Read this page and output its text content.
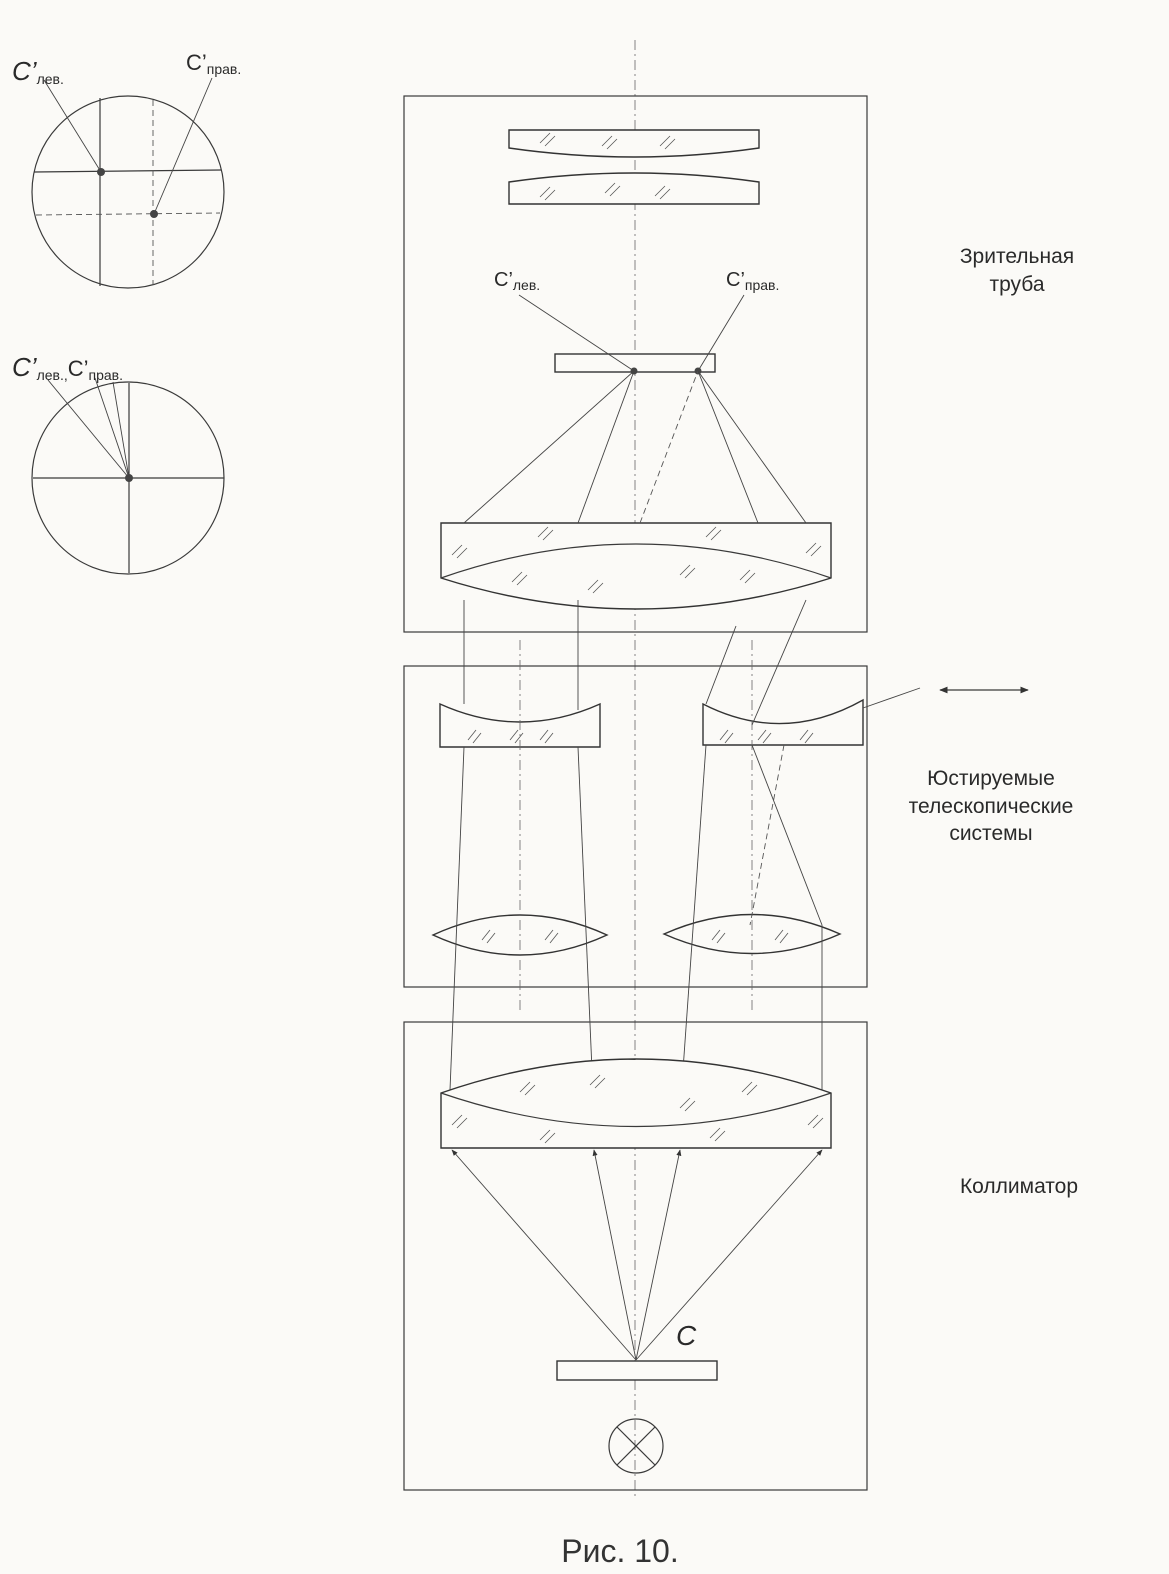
C’лев.
C’прав.
C’лев.,C’прав.
C’лев.	C’прав.
C
Зрительная
труба
Юстируемые
телескопические
системы
Коллиматор
Рис. 10.
